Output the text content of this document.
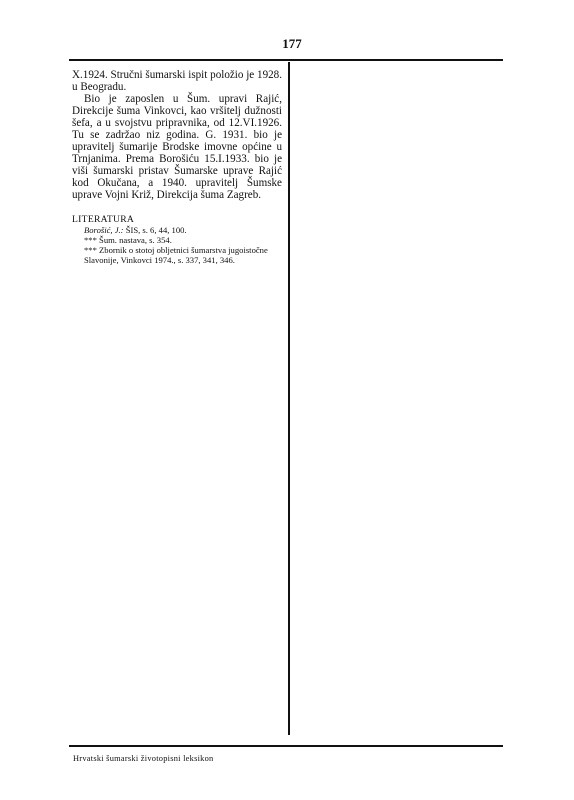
177

X.1924. Stručni šumarski ispit položio je 1928. u Beogradu.

Bio je zaposlen u Šum. upravi Rajić, Direkcije šuma Vinkovci, kao vršitelj dužnosti šefa, a u svojstvu pripravnika, od 12.VI.1926. Tu se zadržao niz godina. G. 1931. bio je upravitelj šumarije Brodske imovne općine u Trnjanima. Prema Borošiću 15.I.1933. bio je viši šumarski pristav Šumarske uprave Rajić kod Okučana, a 1940. upravitelj Šumske uprave Vojni Križ, Direkcija šuma Zagreb.

LITERATURA
Borošić, J.: ŠIS, s. 6, 44, 100.
*** Šum. nastava, s. 354.
*** Zbornik o stotoj obljetnici šumarstva jugoistočne Slavonije, Vinkovci 1974., s. 337, 341, 346.
Hrvatski šumarski životopisni leksikon
